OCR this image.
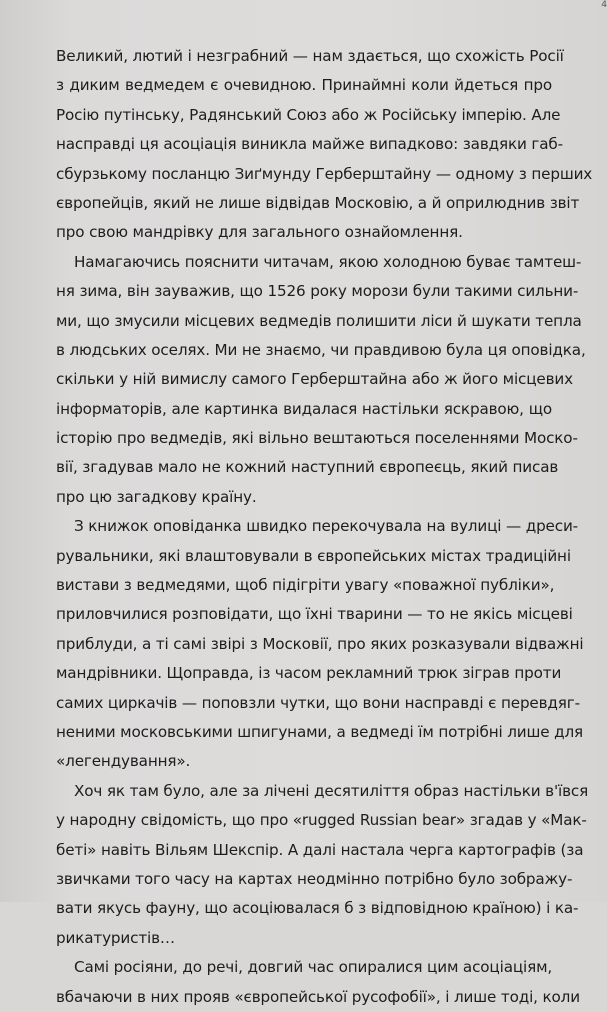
4
Великий, лютий і незграбний — нам здається, що схожість Росії
з диким ведмедем є очевидною. Принаймні коли йдеться про
Росію путінську, Радянський Союз або ж Російську імперію. Але
насправді ця асоціація виникла майже випадково: завдяки габ-
сбурзькому посланцю Зиґмунду Герберштайну — одному з перших
європейців, який не лише відвідав Московію, а й оприлюднив звіт
про свою мандрівку для загального ознайомлення.
Намагаючись пояснити читачам, якою холодною буває тамтеш-
ня зима, він зауважив, що 1526 року морози були такими сильни-
ми, що змусили місцевих ведмедів полишити ліси й шукати тепла
в людських оселях. Ми не знаємо, чи правдивою була ця оповідка,
скільки у ній вимислу самого Герберштайна або ж його місцевих
інформаторів, але картинка видалася настільки яскравою, що
історію про ведмедів, які вільно вештаються поселеннями Моско-
вії, згадував мало не кожний наступний європеєць, який писав
про цю загадкову країну.
З книжок оповіданка швидко перекочувала на вулиці — дреси-
рувальники, які влаштовували в європейських містах традиційні
вистави з ведмедями, щоб підігріти увагу «поважної публіки»,
приловчилися розповідати, що їхні тварини — то не якісь місцеві
приблуди, а ті самі звірі з Московії, про яких розказували відважні
мандрівники. Щоправда, із часом рекламний трюк зіграв проти
самих циркачів — поповзли чутки, що вони насправді є перевдяг-
неними московськими шпигунами, а ведмеді їм потрібні лише для
«легендування».
Хоч як там було, але за лічені десятиліття образ настільки в'ївся
у народну свідомість, що про «rugged Russian bear» згадав у «Мак-
беті» навіть Вільям Шекспір. А далі настала черга картографів (за
звичками того часу на картах неодмінно потрібно було зображу-
вати якусь фауну, що асоціювалася б з відповідною країною) і ка-
рикатуристів…
Самі росіяни, до речі, довгий час опиралися цим асоціаціям,
вбачаючи в них прояв «європейської русофобії», і лише тоді, коли
